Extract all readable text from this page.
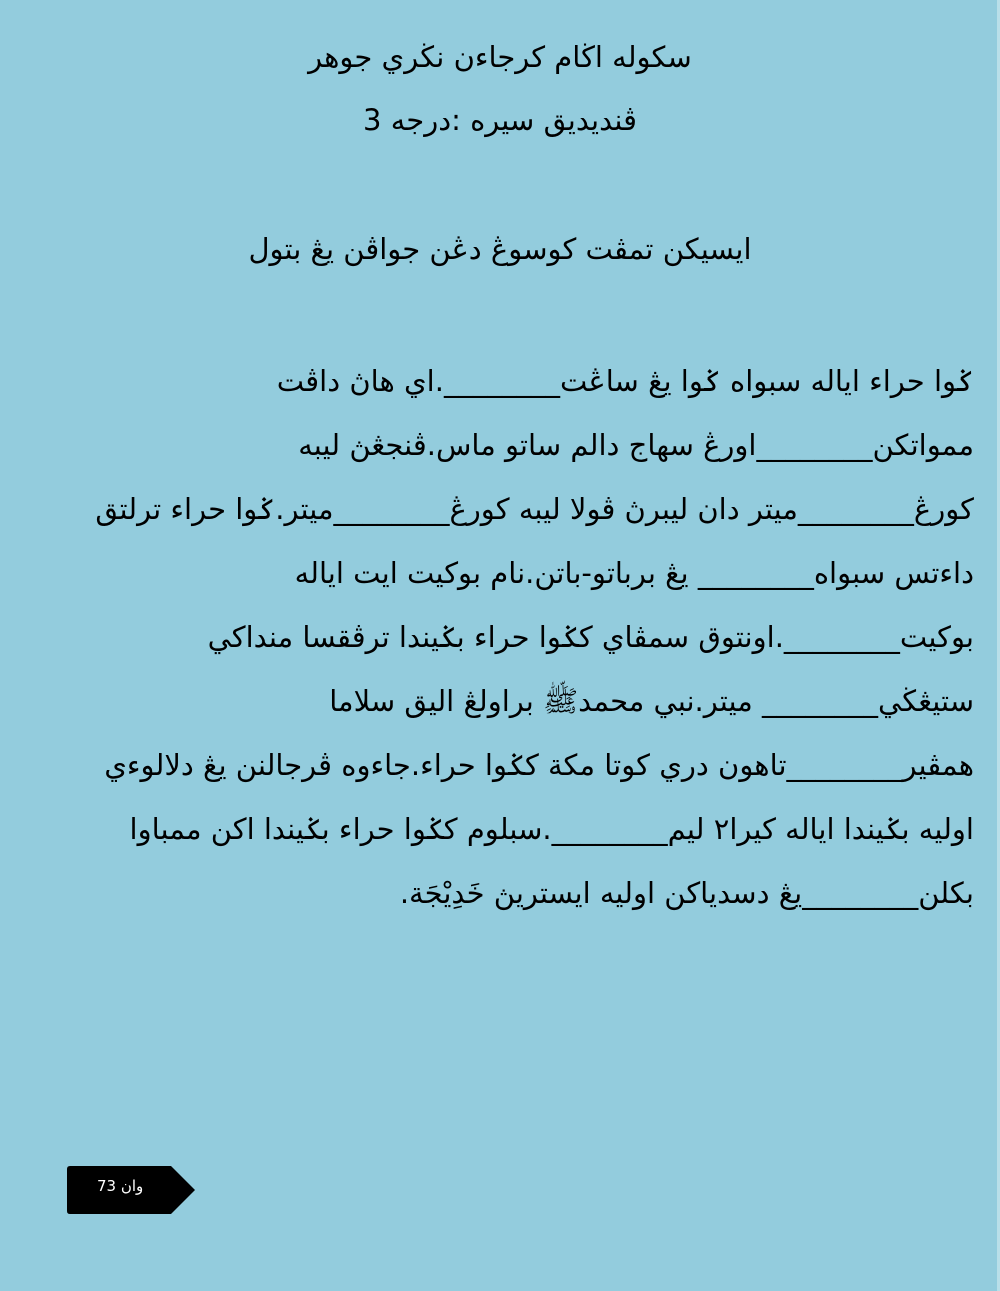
سكوله اڬام كرجاءن نڬري جوهر
ڤنديديق سيره :درجه 3
ايسيكن تمڤت كوسوڠ دڠن جواڤن يڠ بتول
ݢوا حراء اياله سبواه ݢوا يڠ ساڠت________.اي هاڽ داڤت
ممواتكن________اورڠ سهاج دالم ساتو ماس.ڤنجڠڽ ليبه
كورڠ________ميتر دان ليبرڽ ڤولا ليبه كورڠ________ميتر.ݢوا حراء ترلتق
داءتس سبواه________ يڠ برباتو-باتن.نام بوكيت ايت اياله
بوكيت________.اونتوق سمڤاي كݢوا حراء بݢيندا ترڤقسا منداكي
ستيڠڬي________ ميتر.نبي محمدﷺ براولڠ اليق سلاما
همڤير________تاهون دري كوتا مكة كݢوا حراء.جاءوه ڤرجالنن يڠ دلالوءي
اوليه بݢيندا اياله كيرا٢ ليم________.سبلوم كݢوا حراء بݢيندا اكن ممباوا
بكلن________يڠ دسدياكن اوليه ايستريڽ خَدِيْجَة.
وان 73
